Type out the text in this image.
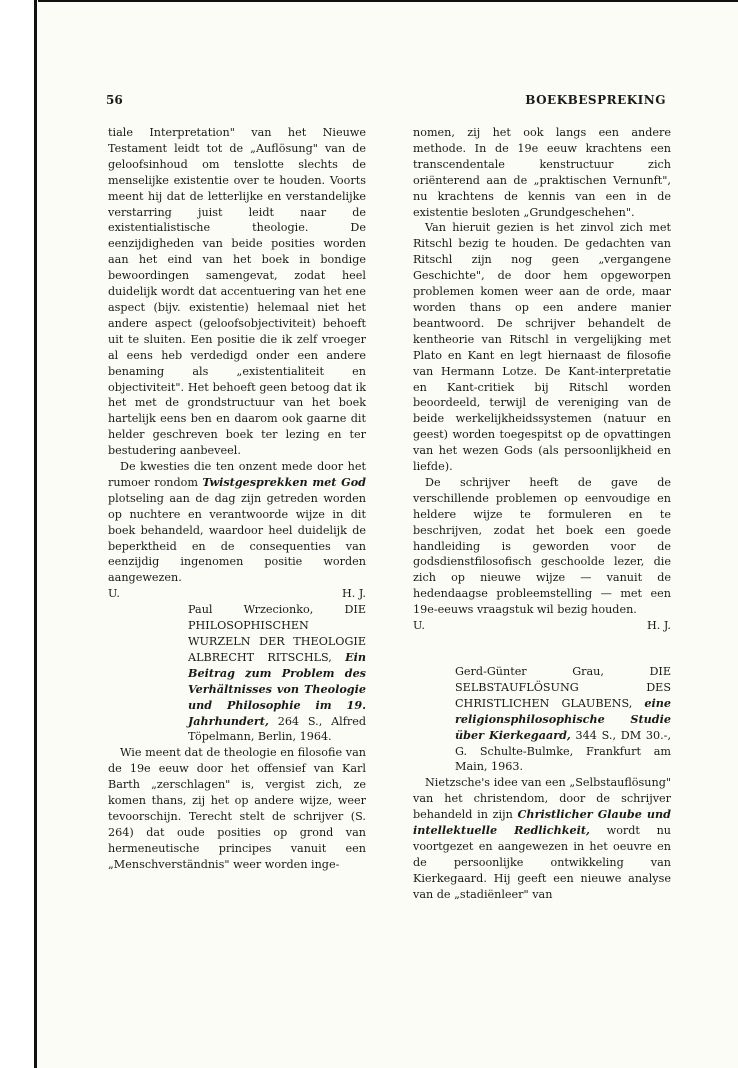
56	BOEKBESPREKING

tiale Interpretation" van het Nieuwe Testament leidt tot de „Auflösung" van de geloofsinhoud om tenslotte slechts de menselijke existentie over te houden. Voorts meent hij dat de letterlijke en verstandelijke verstarring juist leidt naar de existentialistische theologie. De eenzijdigheden van beide posities worden aan het eind van het boek in bondige bewoordingen samengevat, zodat heel duidelijk wordt dat accentuering van het ene aspect (bijv. existentie) helemaal niet het andere aspect (geloofsobjectiviteit) behoeft uit te sluiten. Een positie die ik zelf vroeger al eens heb verdedigd onder een andere benaming als „existentialiteit en objectiviteit". Het behoeft geen betoog dat ik het met de grondstructuur van het boek hartelijk eens ben en daarom ook gaarne dit helder geschreven boek ter lezing en ter bestudering aanbeveel.

De kwesties die ten onzent mede door het rumoer rondom Twistgesprekken met God plotseling aan de dag zijn getreden worden op nuchtere en verantwoorde wijze in dit boek behandeld, waardoor heel duidelijk de beperktheid en de consequenties van eenzijdig ingenomen positie worden aangewezen.

U.	H. J.

Paul Wrzecionko, DIE PHILOSOPHISCHEN WURZELN DER THEOLOGIE ALBRECHT RITSCHLS, Ein Beitrag zum Problem des Verhältnisses von Theologie und Philosophie im 19. Jahrhundert, 264 S., Alfred Töpelmann, Berlin, 1964.

Wie meent dat de theologie en filosofie van de 19e eeuw door het offensief van Karl Barth „zerschlagen" is, vergist zich, ze komen thans, zij het op andere wijze, weer tevoorschijn. Terecht stelt de schrijver (S. 264) dat oude posities op grond van hermeneutische principes vanuit een „Menschverständnis" weer worden inge-

nomen, zij het ook langs een andere methode. In de 19e eeuw krachtens een transcendentale kenstructuur zich oriënterend aan de „praktischen Vernunft", nu krachtens de kennis van een in de existentie besloten „Grundgeschehen".

Van hieruit gezien is het zinvol zich met Ritschl bezig te houden. De gedachten van Ritschl zijn nog geen „vergangene Geschichte", de door hem opgeworpen problemen komen weer aan de orde, maar worden thans op een andere manier beantwoord. De schrijver behandelt de kentheorie van Ritschl in vergelijking met Plato en Kant en legt hiernaast de filosofie van Hermann Lotze. De Kant-interpretatie en Kant-critiek bij Ritschl worden beoordeeld, terwijl de vereniging van de beide werkelijkheidssystemen (natuur en geest) worden toegespitst op de opvattingen van het wezen Gods (als persoonlijkheid en liefde).

De schrijver heeft de gave de verschillende problemen op eenvoudige en heldere wijze te formuleren en te beschrijven, zodat het boek een goede handleiding is geworden voor de godsdienstfilosofisch geschoolde lezer, die zich op nieuwe wijze — vanuit de hedendaagse probleemstelling — met een 19e-eeuws vraagstuk wil bezig houden.

U.	H. J.

Gerd-Günter Grau, DIE SELBSTAUFLÖSUNG DES CHRISTLICHEN GLAUBENS, eine religionsphilosophische Studie über Kierkegaard, 344 S., DM 30.-, G. Schulte-Bulmke, Frankfurt am Main, 1963.

Nietzsche's idee van een „Selbstauflösung" van het christendom, door de schrijver behandeld in zijn Christlicher Glaube und intellektuelle Redlichkeit, wordt nu voortgezet en aangewezen in het oeuvre en de persoonlijke ontwikkeling van Kierkegaard. Hij geeft een nieuwe analyse van de „stadiënleer" van
